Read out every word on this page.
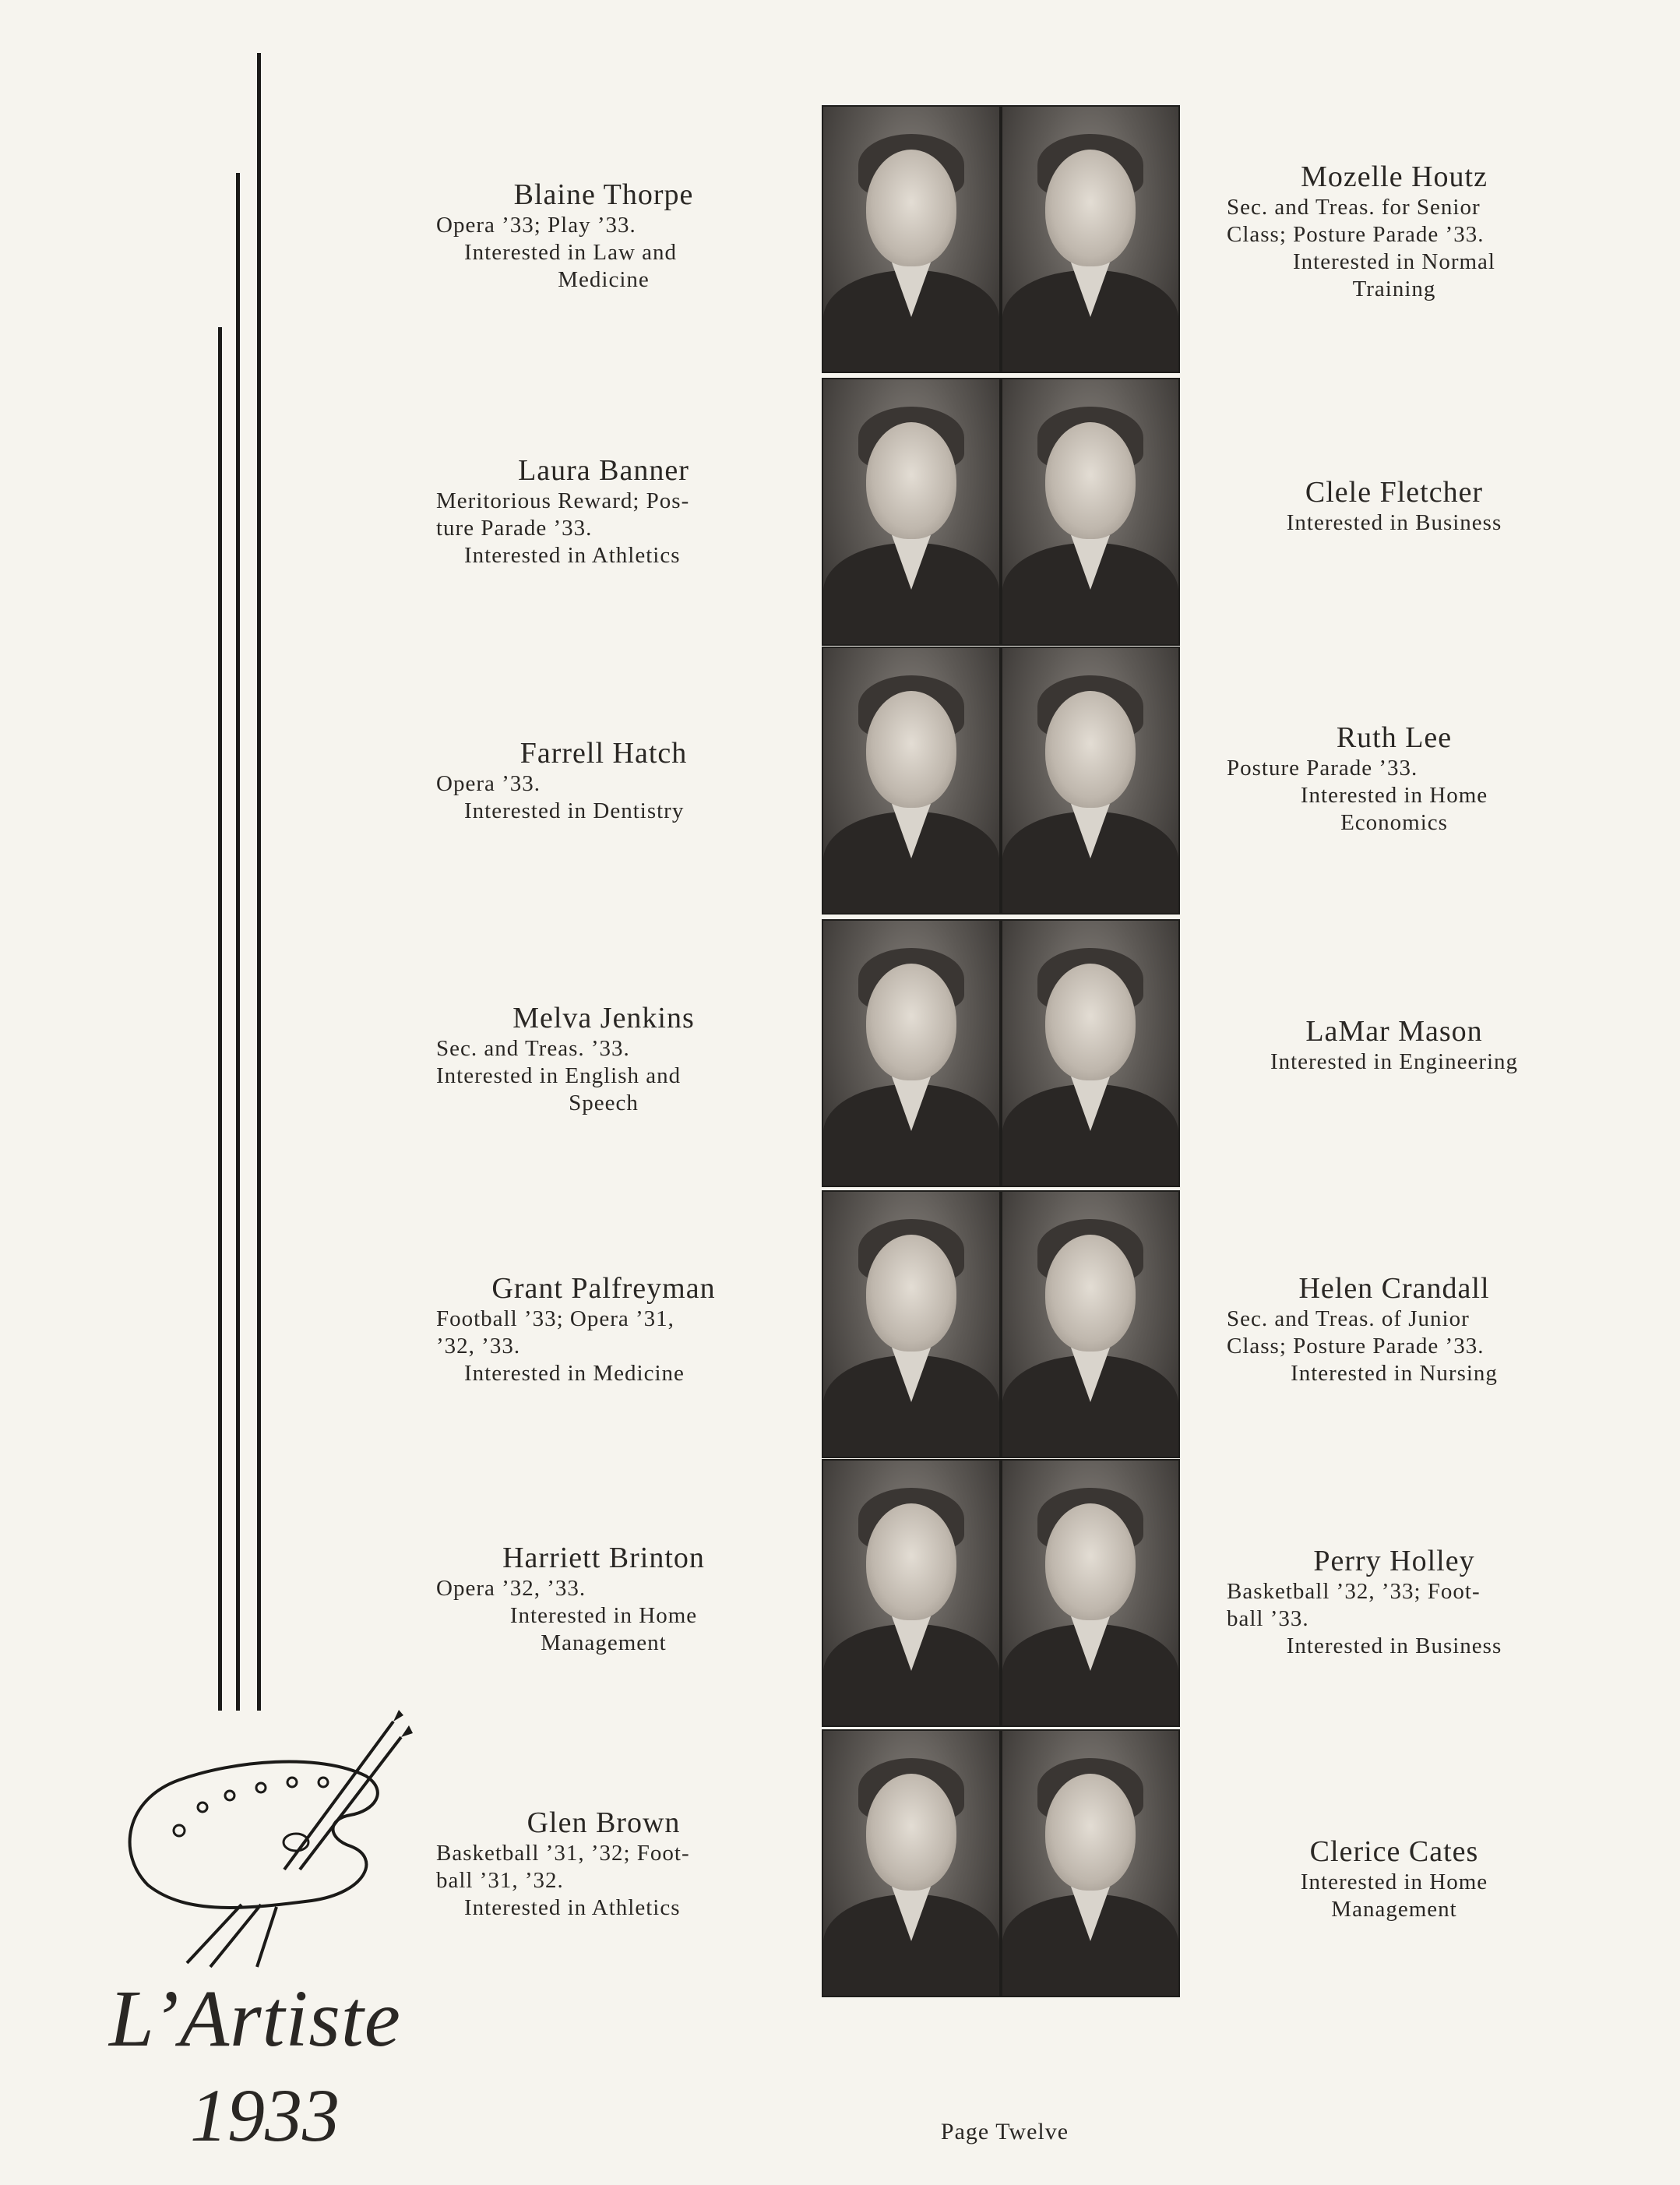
L’Artiste
1933
Blaine Thorpe
Opera ’33; Play ’33.
Interested in Law and
Medicine
Laura Banner
Meritorious Reward; Pos-
ture Parade ’33.
Interested in Athletics
Farrell Hatch
Opera ’33.
Interested in Dentistry
Melva Jenkins
Sec. and Treas. ’33.
Interested in English and
Speech
Grant Palfreyman
Football ’33; Opera ’31,
’32, ’33.
Interested in Medicine
Harriett Brinton
Opera ’32, ’33.
Interested in Home
Management
Glen Brown
Basketball ’31, ’32; Foot-
ball ’31, ’32.
Interested in Athletics
Mozelle Houtz
Sec. and Treas. for Senior
Class; Posture Parade ’33.
Interested in Normal
Training
Clele Fletcher
Interested in Business
Ruth Lee
Posture Parade ’33.
Interested in Home
Economics
LaMar Mason
Interested in Engineering
Helen Crandall
Sec. and Treas. of Junior
Class; Posture Parade ’33.
Interested in Nursing
Perry Holley
Basketball ’32, ’33; Foot-
ball ’33.
Interested in Business
Clerice Cates
Interested in Home
Management
Page Twelve
